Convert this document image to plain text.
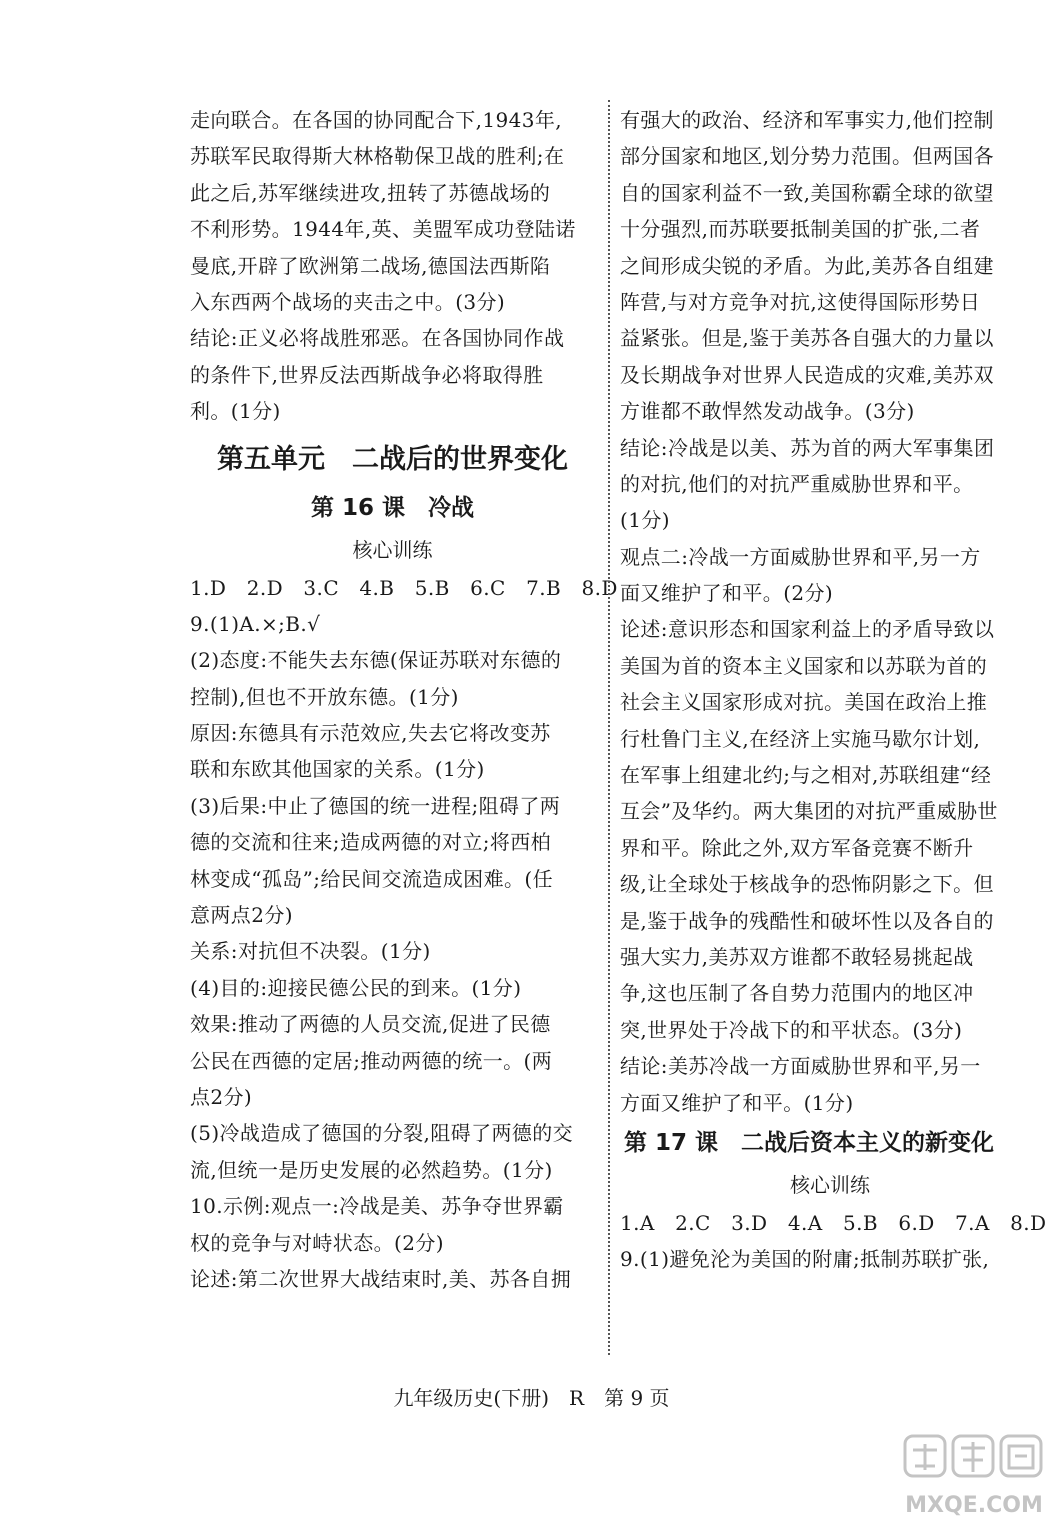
走向联合。在各国的协同配合下,1943年,
苏联军民取得斯大林格勒保卫战的胜利;在
此之后,苏军继续进攻,扭转了苏德战场的
不利形势。1944年,英、美盟军成功登陆诺
曼底,开辟了欧洲第二战场,德国法西斯陷
入东西两个战场的夹击之中。(3分)
结论:正义必将战胜邪恶。在各国协同作战
的条件下,世界反法西斯战争必将取得胜
利。(1分)
第五单元　二战后的世界变化
第 16 课　冷战
核心训练
1.D　2.D　3.C　4.B　5.B　6.C　7.B　8.D
9.(1)A.×;B.√
(2)态度:不能失去东德(保证苏联对东德的
控制),但也不开放东德。(1分)
原因:东德具有示范效应,失去它将改变苏
联和东欧其他国家的关系。(1分)
(3)后果:中止了德国的统一进程;阻碍了两
德的交流和往来;造成两德的对立;将西柏
林变成“孤岛”;给民间交流造成困难。(任
意两点2分)
关系:对抗但不决裂。(1分)
(4)目的:迎接民德公民的到来。(1分)
效果:推动了两德的人员交流,促进了民德
公民在西德的定居;推动两德的统一。(两
点2分)
(5)冷战造成了德国的分裂,阻碍了两德的交
流,但统一是历史发展的必然趋势。(1分)
10.示例:观点一:冷战是美、苏争夺世界霸
权的竞争与对峙状态。(2分)
论述:第二次世界大战结束时,美、苏各自拥
有强大的政治、经济和军事实力,他们控制
部分国家和地区,划分势力范围。但两国各
自的国家利益不一致,美国称霸全球的欲望
十分强烈,而苏联要抵制美国的扩张,二者
之间形成尖锐的矛盾。为此,美苏各自组建
阵营,与对方竞争对抗,这使得国际形势日
益紧张。但是,鉴于美苏各自强大的力量以
及长期战争对世界人民造成的灾难,美苏双
方谁都不敢悍然发动战争。(3分)
结论:冷战是以美、苏为首的两大军事集团
的对抗,他们的对抗严重威胁世界和平。
(1分)
观点二:冷战一方面威胁世界和平,另一方
面又维护了和平。(2分)
论述:意识形态和国家利益上的矛盾导致以
美国为首的资本主义国家和以苏联为首的
社会主义国家形成对抗。美国在政治上推
行杜鲁门主义,在经济上实施马歇尔计划,
在军事上组建北约;与之相对,苏联组建“经
互会”及华约。两大集团的对抗严重威胁世
界和平。除此之外,双方军备竞赛不断升
级,让全球处于核战争的恐怖阴影之下。但
是,鉴于战争的残酷性和破坏性以及各自的
强大实力,美苏双方谁都不敢轻易挑起战
争,这也压制了各自势力范围内的地区冲
突,世界处于冷战下的和平状态。(3分)
结论:美苏冷战一方面威胁世界和平,另一
方面又维护了和平。(1分)
第 17 课　二战后资本主义的新变化
核心训练
1.A　2.C　3.D　4.A　5.B　6.D　7.A　8.D
9.(1)避免沦为美国的附庸;抵制苏联扩张,
九年级历史(下册)　R　第 9 页
MXQE.COM
